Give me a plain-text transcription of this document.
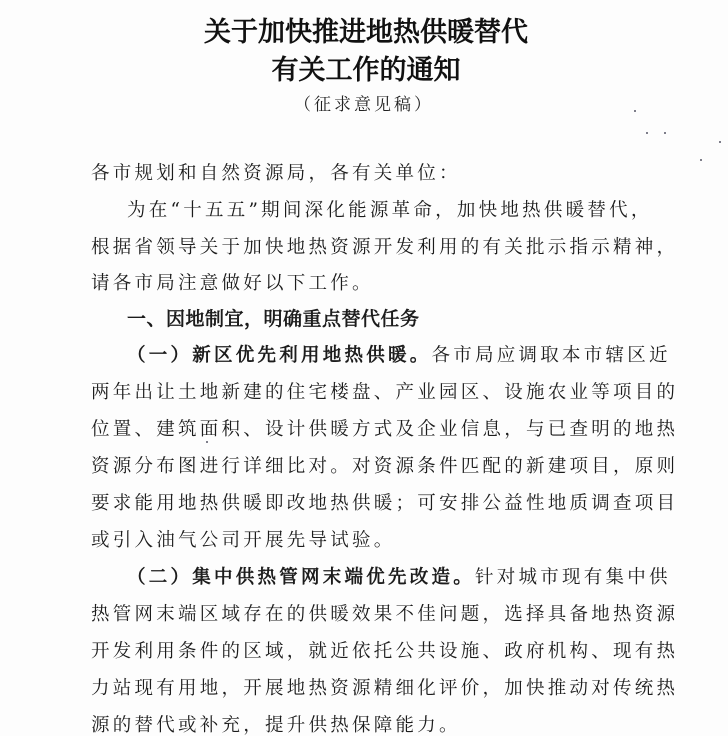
关于加快推进地热供暖替代
有关工作的通知
（征求意见稿）
各市规划和自然资源局，各有关单位：
为在“十五五”期间深化能源革命，加快地热供暖替代，
根据省领导关于加快地热资源开发利用的有关批示指示精神，
请各市局注意做好以下工作。
一、因地制宜，明确重点替代任务
（一）新区优先利用地热供暖。各市局应调取本市辖区近
两年出让土地新建的住宅楼盘、产业园区、设施农业等项目的
位置、建筑面积、设计供暖方式及企业信息，与已查明的地热
资源分布图进行详细比对。对资源条件匹配的新建项目，原则
要求能用地热供暖即改地热供暖；可安排公益性地质调查项目
或引入油气公司开展先导试验。
（二）集中供热管网末端优先改造。针对城市现有集中供
热管网末端区域存在的供暖效果不佳问题，选择具备地热资源
开发利用条件的区域，就近依托公共设施、政府机构、现有热
力站现有用地，开展地热资源精细化评价，加快推动对传统热
源的替代或补充，提升供热保障能力。
